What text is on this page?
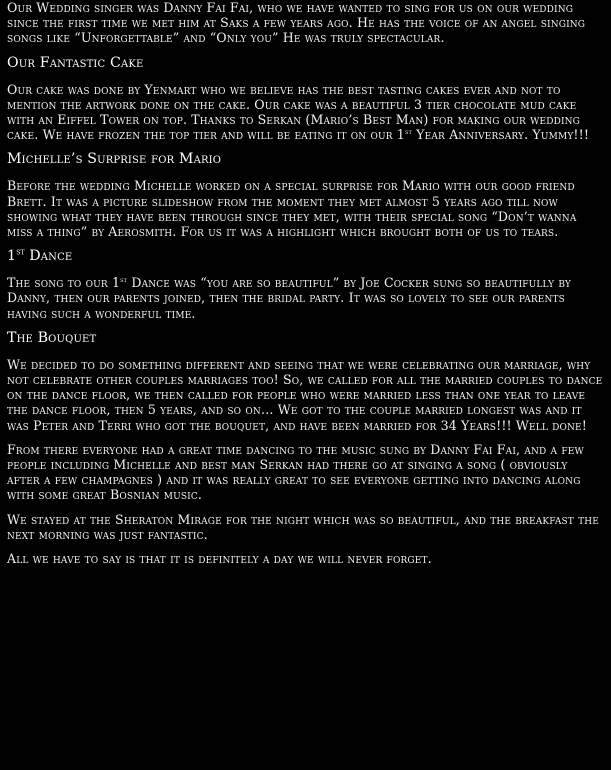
Our Wedding singer was Danny Fai Fai, who we have wanted to sing for us on our wedding since the first time we met him at Saks a few years ago. He has the voice of an angel singing songs like “Unforgettable” and “Only you” He was truly spectacular.

Our Fantastic Cake

Our cake was done by Yenmart who we believe has the best tasting cakes ever and not to mention the artwork done on the cake. Our cake was a beautiful 3 tier chocolate mud cake with an Eiffel Tower on top. Thanks to Serkan (Mario’s Best Man) for making our wedding cake. We have frozen the top tier and will be eating it on our 1st Year Anniversary. Yummy!!!

Michelle’s Surprise for Mario

Before the wedding Michelle worked on a special surprise for Mario with our good friend Brett. It was a picture slideshow from the moment they met almost 5 years ago till now showing what they have been through since they met, with their special song “Don’t wanna miss a thing” by Aerosmith. For us it was a highlight which brought both of us to tears.

1st Dance

The song to our 1st Dance was “you are so beautiful” by Joe Cocker sung so beautifully by Danny, then our parents joined, then the bridal party. It was so lovely to see our parents having such a wonderful time.

The Bouquet

We decided to do something different and seeing that we were celebrating our marriage, why not celebrate other couples marriages too! So, we called for all the married couples to dance on the dance floor, we then called for people who were married less than one year to leave the dance floor, then 5 years, and so on… We got to the couple married longest was and it was Peter and Terri who got the bouquet, and have been married for 34 Years!!! Well done!

From there everyone had a great time dancing to the music sung by Danny Fai Fai, and a few people including Michelle and best man Serkan had there go at singing a song ( obviously after a few champagnes ) and it was really great to see everyone getting into dancing along with some great Bosnian music.

We stayed at the Sheraton Mirage for the night which was so beautiful, and the breakfast the next morning was just fantastic.

All we have to say is that it is definitely a day we will never forget.
